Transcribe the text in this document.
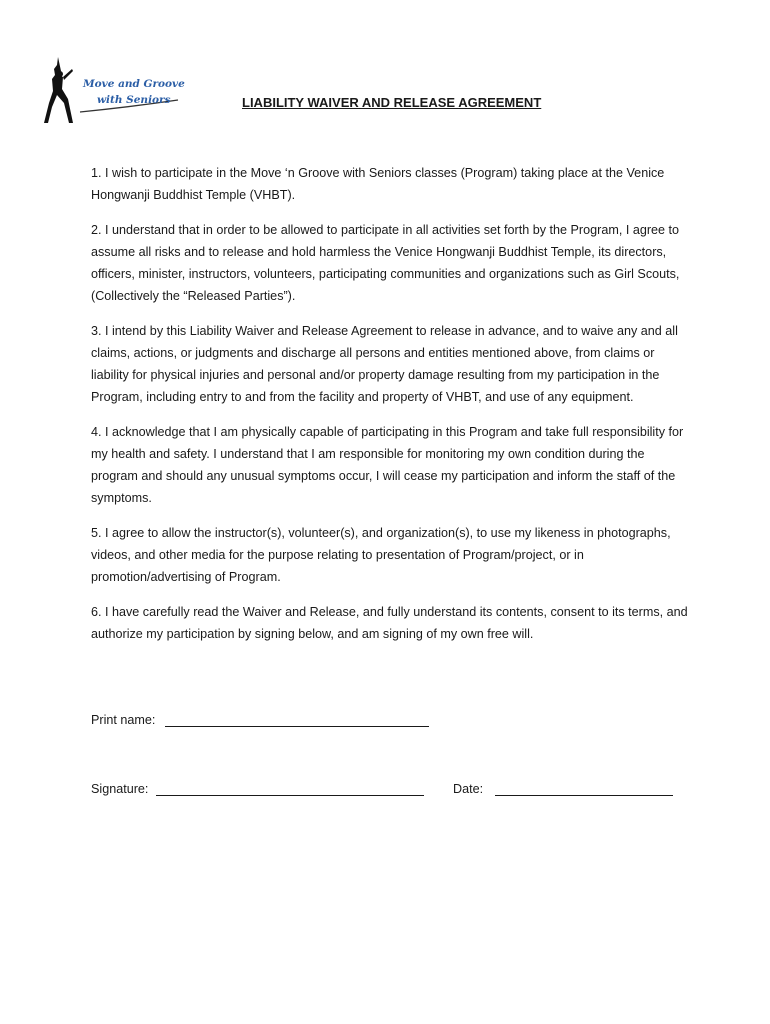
Move and Groove
with Seniors	LIABILITY WAIVER AND RELEASE AGREEMENT

1. I wish to participate in the Move ‘n Groove with Seniors classes (Program) taking place at the Venice Hongwanji Buddhist Temple (VHBT).

2. I understand that in order to be allowed to participate in all activities set forth by the Program, I agree to assume all risks and to release and hold harmless the Venice Hongwanji Buddhist Temple, its directors, officers, minister, instructors, volunteers, participating communities and organizations such as Girl Scouts, (Collectively the “Released Parties”).

3. I intend by this Liability Waiver and Release Agreement to release in advance, and to waive any and all claims, actions, or judgments and discharge all persons and entities mentioned above, from claims or liability for physical injuries and personal and/or property damage resulting from my participation in the Program, including entry to and from the facility and property of VHBT, and use of any equipment.

4. I acknowledge that I am physically capable of participating in this Program and take full responsibility for my health and safety. I understand that I am responsible for monitoring my own condition during the program and should any unusual symptoms occur, I will cease my participation and inform the staff of the symptoms.

5. I agree to allow the instructor(s), volunteer(s), and organization(s), to use my likeness in photographs, videos, and other media for the purpose relating to presentation of Program/project, or in promotion/advertising of Program.

6. I have carefully read the Waiver and Release, and fully understand its contents, consent to its terms, and authorize my participation by signing below, and am signing of my own free will.

Print name:
Signature:	Date:
